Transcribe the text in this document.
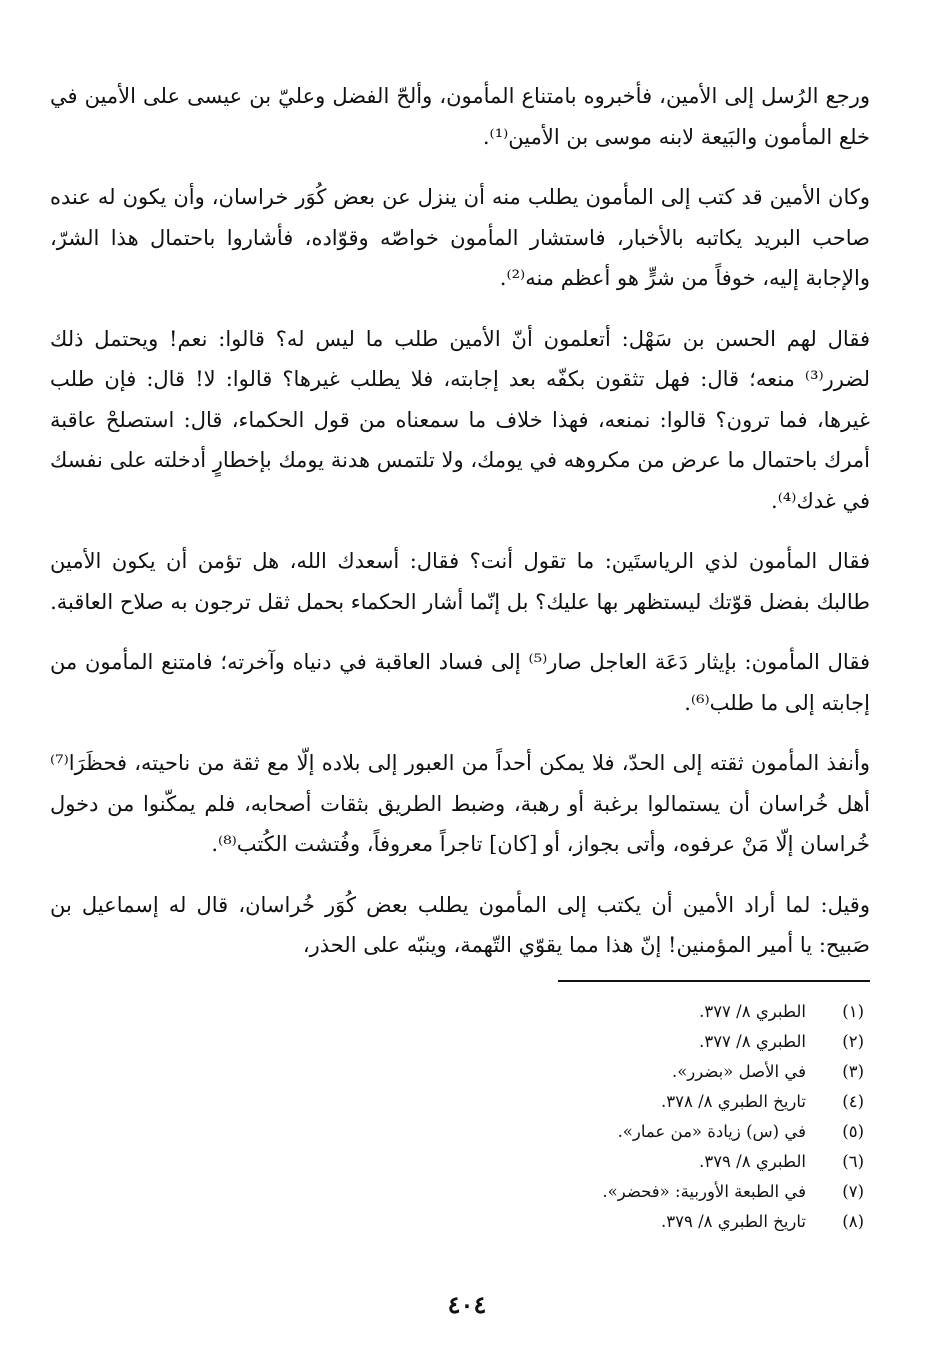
ورجع الرُسل إلى الأمين، فأخبروه بامتناع المأمون، وألحّ الفضل وعليّ بن عيسى على الأمين في خلع المأمون والبَيعة لابنه موسى بن الأمين⁽¹⁾.

وكان الأمين قد كتب إلى المأمون يطلب منه أن ينزل عن بعض كُوَر خراسان، وأن يكون له عنده صاحب البريد يكاتبه بالأخبار، فاستشار المأمون خواصّه وقوّاده، فأشاروا باحتمال هذا الشرّ، والإجابة إليه، خوفاً من شرٍّ هو أعظم منه⁽²⁾.

فقال لهم الحسن بن سَهْل: أتعلمون أنّ الأمين طلب ما ليس له؟ قالوا: نعم! ويحتمل ذلك لضرر⁽³⁾ منعه؛ قال: فهل تثقون بكفّه بعد إجابته، فلا يطلب غيرها؟ قالوا: لا! قال: فإن طلب غيرها، فما ترون؟ قالوا: نمنعه، فهذا خلاف ما سمعناه من قول الحكماء، قال: استصلحْ عاقبة أمرك باحتمال ما عرض من مكروهه في يومك، ولا تلتمس هدنة يومك بإخطارٍ أدخلته على نفسك في غدك⁽⁴⁾.

فقال المأمون لذي الرياستَين: ما تقول أنت؟ فقال: أسعدك الله، هل تؤمن أن يكون الأمين طالبك بفضل قوّتك ليستظهر بها عليك؟ بل إنّما أشار الحكماء بحمل ثقل ترجون به صلاح العاقبة.

فقال المأمون: بإيثار دَعَة العاجل صار⁽⁵⁾ إلى فساد العاقبة في دنياه وآخرته؛ فامتنع المأمون من إجابته إلى ما طلب⁽⁶⁾.

وأنفذ المأمون ثقته إلى الحدّ، فلا يمكن أحداً من العبور إلى بلاده إلّا مع ثقة من ناحيته، فحظَرَا⁽⁷⁾ أهل خُراسان أن يستمالوا برغبة أو رهبة، وضبط الطريق بثقات أصحابه، فلم يمكّنوا من دخول خُراسان إلّا مَنْ عرفوه، وأتى بجواز، أو [كان] تاجراً معروفاً، وفُتشت الكُتب⁽⁸⁾.

وقيل: لما أراد الأمين أن يكتب إلى المأمون يطلب بعض كُوَر خُراسان، قال له إسماعيل بن صَبيح: يا أمير المؤمنين! إنّ هذا مما يقوّي التّهمة، وينبّه على الحذر،

(١)
الطبري ٨/ ٣٧٧.
(٢)
الطبري ٨/ ٣٧٧.
(٣)
في الأصل «بضرر».
(٤)
تاريخ الطبري ٨/ ٣٧٨.
(٥)
في (س) زيادة «من عمار».
(٦)
الطبري ٨/ ٣٧٩.
(٧)
في الطبعة الأوربية: «فحضر».
(٨)
تاريخ الطبري ٨/ ٣٧٩.
٤٠٤
